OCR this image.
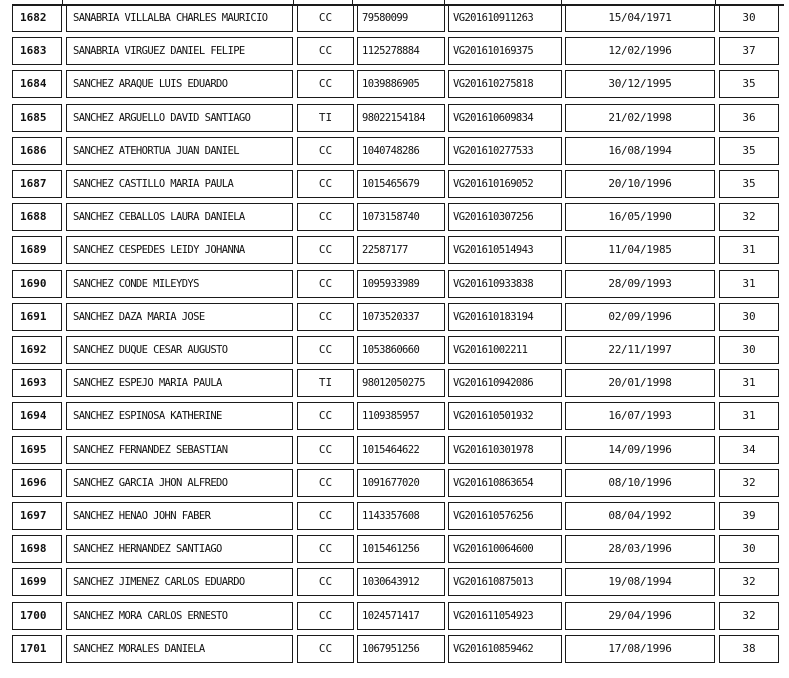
1682	SANABRIA VILLALBA CHARLES MAURICIO	CC	79580099	VG201610911263	15/04/1971	30
1683	SANABRIA VIRGUEZ DANIEL FELIPE	CC	1125278884	VG201610169375	12/02/1996	37
1684	SANCHEZ ARAQUE LUIS EDUARDO	CC	1039886905	VG201610275818	30/12/1995	35
1685	SANCHEZ ARGUELLO DAVID SANTIAGO	TI	98022154184	VG201610609834	21/02/1998	36
1686	SANCHEZ ATEHORTUA JUAN DANIEL	CC	1040748286	VG201610277533	16/08/1994	35
1687	SANCHEZ CASTILLO MARIA PAULA	CC	1015465679	VG201610169052	20/10/1996	35
1688	SANCHEZ CEBALLOS LAURA DANIELA	CC	1073158740	VG201610307256	16/05/1990	32
1689	SANCHEZ CESPEDES LEIDY JOHANNA	CC	22587177	VG201610514943	11/04/1985	31
1690	SANCHEZ CONDE MILEYDYS	CC	1095933989	VG201610933838	28/09/1993	31
1691	SANCHEZ DAZA MARIA JOSE	CC	1073520337	VG201610183194	02/09/1996	30
1692	SANCHEZ DUQUE CESAR AUGUSTO	CC	1053860660	VG20161002211	22/11/1997	30
1693	SANCHEZ ESPEJO MARIA PAULA	TI	98012050275	VG201610942086	20/01/1998	31
1694	SANCHEZ ESPINOSA KATHERINE	CC	1109385957	VG201610501932	16/07/1993	31
1695	SANCHEZ FERNANDEZ SEBASTIAN	CC	1015464622	VG201610301978	14/09/1996	34
1696	SANCHEZ GARCIA JHON ALFREDO	CC	1091677020	VG201610863654	08/10/1996	32
1697	SANCHEZ HENAO JOHN FABER	CC	1143357608	VG201610576256	08/04/1992	39
1698	SANCHEZ HERNANDEZ SANTIAGO	CC	1015461256	VG201610064600	28/03/1996	30
1699	SANCHEZ JIMENEZ CARLOS EDUARDO	CC	1030643912	VG201610875013	19/08/1994	32
1700	SANCHEZ MORA CARLOS ERNESTO	CC	1024571417	VG201611054923	29/04/1996	32
1701	SANCHEZ MORALES DANIELA	CC	1067951256	VG201610859462	17/08/1996	38
